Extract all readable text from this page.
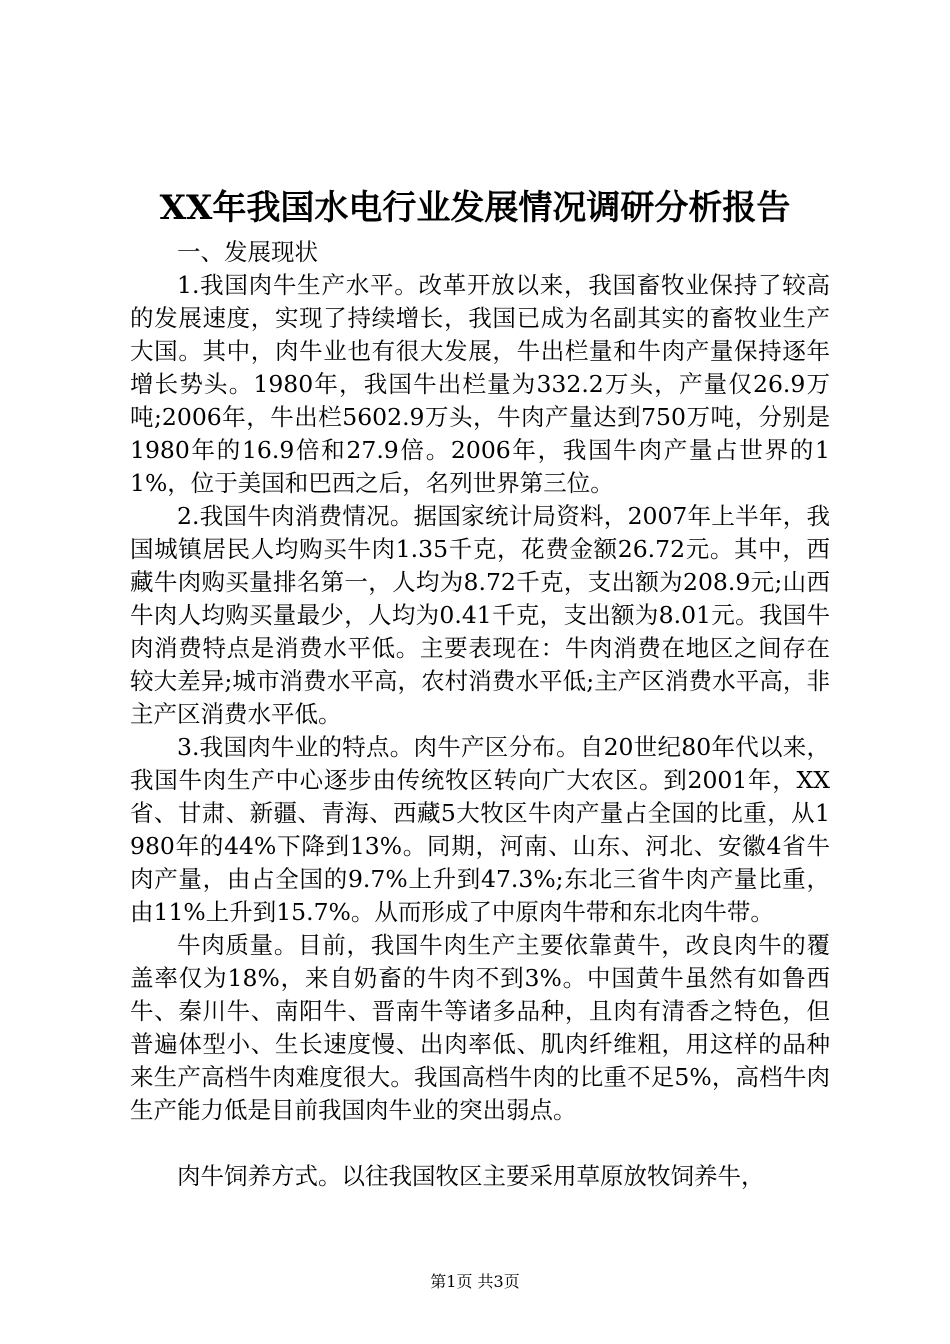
XX年我国水电行业发展情况调研分析报告

一、发展现状

1.我国肉牛生产水平。改革开放以来，我国畜牧业保持了较高的发展速度，实现了持续增长，我国已成为名副其实的畜牧业生产大国。其中，肉牛业也有很大发展，牛出栏量和牛肉产量保持逐年增长势头。1980年，我国牛出栏量为332.2万头，产量仅26.9万吨;2006年，牛出栏5602.9万头，牛肉产量达到750万吨，分别是1980年的16.9倍和27.9倍。2006年，我国牛肉产量占世界的11%，位于美国和巴西之后，名列世界第三位。

2.我国牛肉消费情况。据国家统计局资料，2007年上半年，我国城镇居民人均购买牛肉1.35千克，花费金额26.72元。其中，西藏牛肉购买量排名第一，人均为8.72千克，支出额为208.9元;山西牛肉人均购买量最少，人均为0.41千克，支出额为8.01元。我国牛肉消费特点是消费水平低。主要表现在：牛肉消费在地区之间存在较大差异;城市消费水平高，农村消费水平低;主产区消费水平高，非主产区消费水平低。

3.我国肉牛业的特点。肉牛产区分布。自20世纪80年代以来，我国牛肉生产中心逐步由传统牧区转向广大农区。到2001年，XX省、甘肃、新疆、青海、西藏5大牧区牛肉产量占全国的比重，从1980年的44%下降到13%。同期，河南、山东、河北、安徽4省牛肉产量，由占全国的9.7%上升到47.3%;东北三省牛肉产量比重，由11%上升到15.7%。从而形成了中原肉牛带和东北肉牛带。

牛肉质量。目前，我国牛肉生产主要依靠黄牛，改良肉牛的覆盖率仅为18%，来自奶畜的牛肉不到3%。中国黄牛虽然有如鲁西牛、秦川牛、南阳牛、晋南牛等诸多品种，且肉有清香之特色，但普遍体型小、生长速度慢、出肉率低、肌肉纤维粗，用这样的品种来生产高档牛肉难度很大。我国高档牛肉的比重不足5%，高档牛肉生产能力低是目前我国肉牛业的突出弱点。

肉牛饲养方式。以往我国牧区主要采用草原放牧饲养牛，

第1页 共3页
